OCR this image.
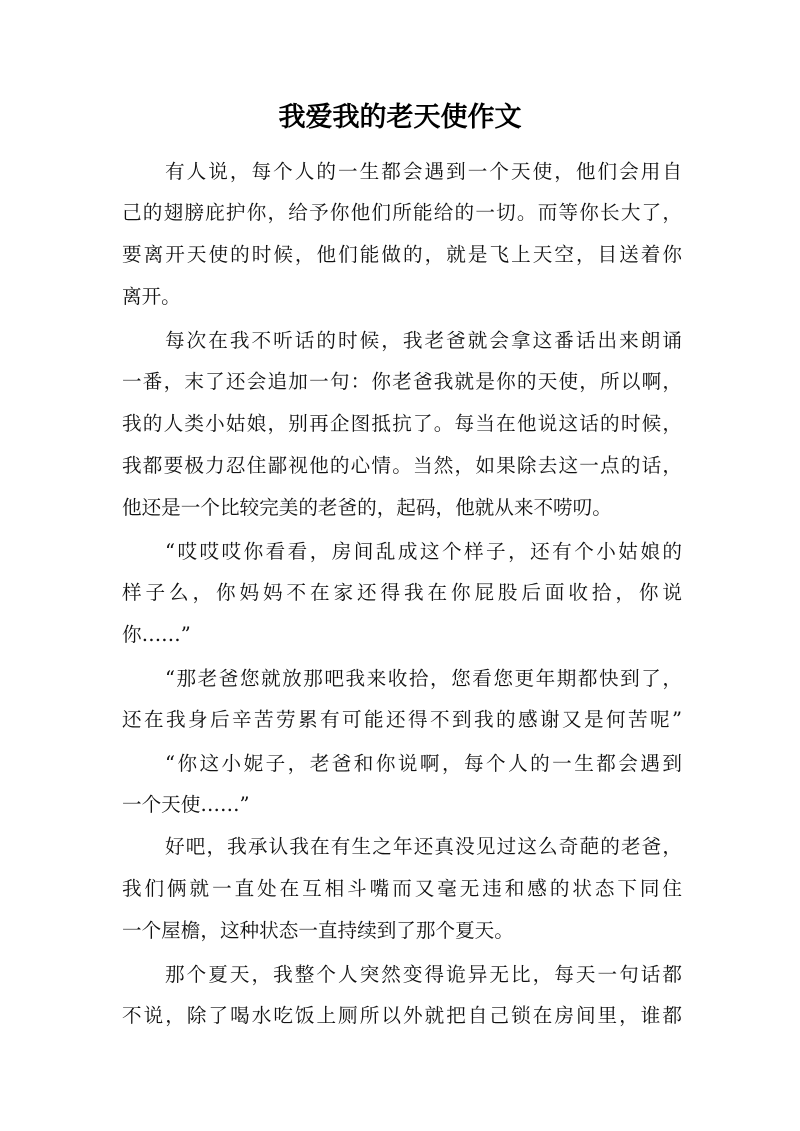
我爱我的老天使作文
有人说，每个人的一生都会遇到一个天使，他们会用自
己的翅膀庇护你，给予你他们所能给的一切。而等你长大了，
要离开天使的时候，他们能做的，就是飞上天空，目送着你
离开。
每次在我不听话的时候，我老爸就会拿这番话出来朗诵
一番，末了还会追加一句：你老爸我就是你的天使，所以啊，
我的人类小姑娘，别再企图抵抗了。每当在他说这话的时候，
我都要极力忍住鄙视他的心情。当然，如果除去这一点的话，
他还是一个比较完美的老爸的，起码，他就从来不唠叨。
“哎哎哎你看看，房间乱成这个样子，还有个小姑娘的
样子么，你妈妈不在家还得我在你屁股后面收拾，你说
你……”
“那老爸您就放那吧我来收拾，您看您更年期都快到了，
还在我身后辛苦劳累有可能还得不到我的感谢又是何苦呢”
“你这小妮子，老爸和你说啊，每个人的一生都会遇到
一个天使……”
好吧，我承认我在有生之年还真没见过这么奇葩的老爸，
我们俩就一直处在互相斗嘴而又毫无违和感的状态下同住
一个屋檐，这种状态一直持续到了那个夏天。
那个夏天，我整个人突然变得诡异无比，每天一句话都
不说，除了喝水吃饭上厕所以外就把自己锁在房间里，谁都
